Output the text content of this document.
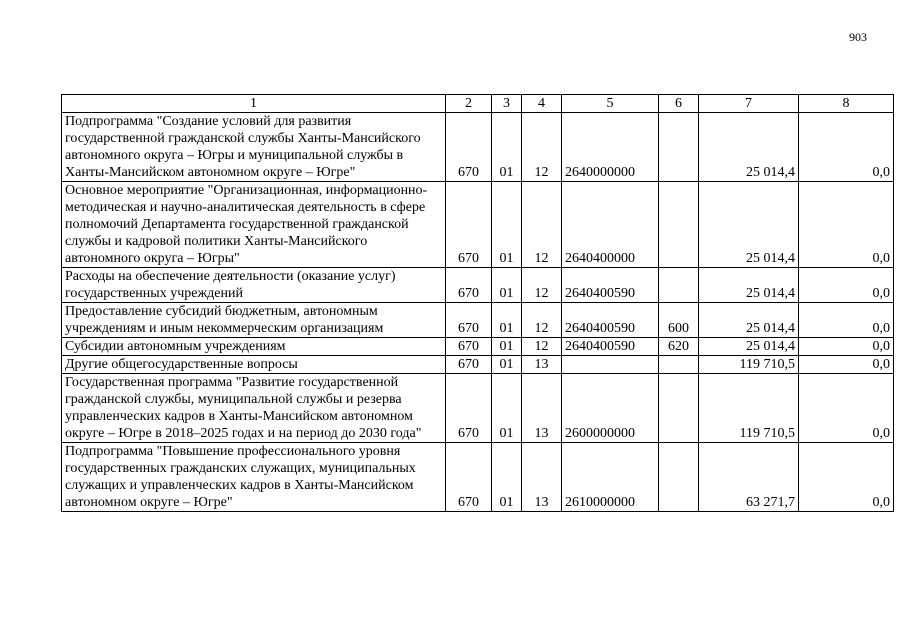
903
1	2	3	4	5	6	7	8
Подпрограмма "Создание условий для развития государственной гражданской службы Ханты-Мансийского автономного округа – Югры и муниципальной службы в Ханты-Мансийском автономном округе – Югре"	670	01	12	2640000000		25 014,4	0,0
Основное мероприятие "Организационная, информационно-методическая и научно-аналитическая деятельность в сфере полномочий Департамента государственной гражданской службы и кадровой политики Ханты-Мансийского автономного округа – Югры"	670	01	12	2640400000		25 014,4	0,0
Расходы на обеспечение деятельности (оказание услуг) государственных учреждений	670	01	12	2640400590		25 014,4	0,0
Предоставление субсидий бюджетным, автономным учреждениям и иным некоммерческим организациям	670	01	12	2640400590	600	25 014,4	0,0
Субсидии автономным учреждениям	670	01	12	2640400590	620	25 014,4	0,0
Другие общегосударственные вопросы	670	01	13			119 710,5	0,0
Государственная программа "Развитие государственной гражданской службы, муниципальной службы и резерва управленческих кадров в Ханты-Мансийском автономном округе – Югре в 2018–2025 годах и на период до 2030 года"	670	01	13	2600000000		119 710,5	0,0
Подпрограмма "Повышение профессионального уровня государственных гражданских служащих, муниципальных служащих и управленческих кадров в Ханты-Мансийском автономном округе – Югре"	670	01	13	2610000000		63 271,7	0,0
